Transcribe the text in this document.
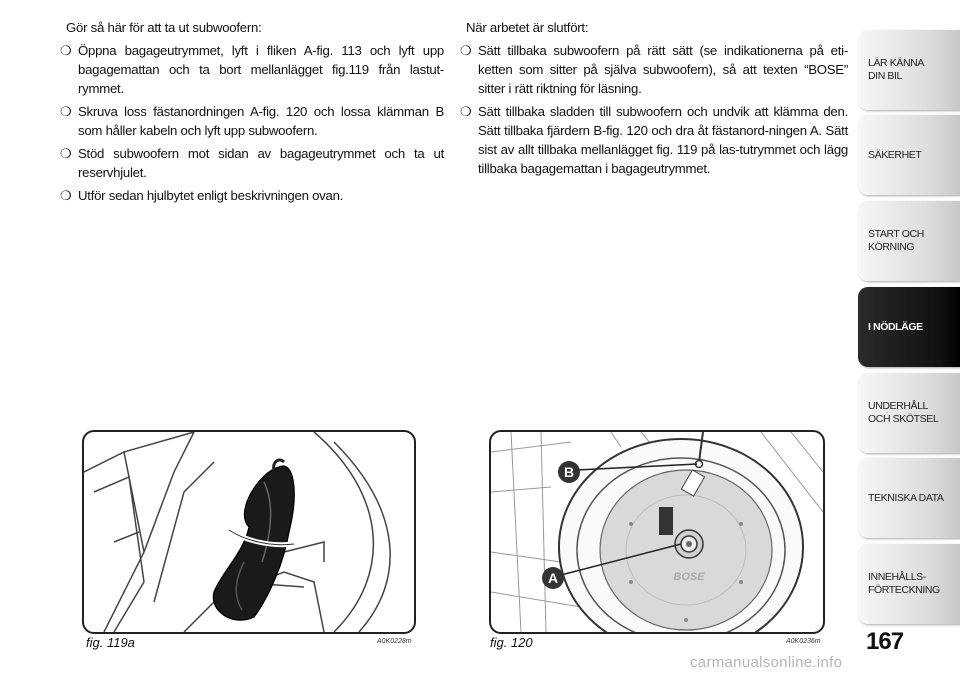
Gör så här för att ta ut subwoofern:

❍ Öppna bagageutrymmet, lyft i fliken A-fig. 113 och lyft upp bagagemattan och ta bort mellanlägget fig.119 från lastut-rymmet.
❍ Skruva loss fästanordningen A-fig. 120 och lossa klämman B som håller kabeln och lyft upp subwoofern.
❍ Stöd subwoofern mot sidan av bagageutrymmet och ta ut reservhjulet.
❍ Utför sedan hjulbytet enligt beskrivningen ovan.

När arbetet är slutfört:

❍ Sätt tillbaka subwoofern på rätt sätt (se indikationerna på eti-ketten som sitter på själva subwoofern), så att texten “BOSE” sitter i rätt riktning för läsning.
❍ Sätt tillbaka sladden till subwoofern och undvik att klämma den. Sätt tillbaka fjärdern B-fig. 120 och dra åt fästanord-ningen A. Sätt sist av allt tillbaka mellanlägget fig. 119 på las-tutrymmet och lägg tillbaka bagagemattan i bagageutrymmet.
fig. 119a	A0K0228m
BOSE
B
A
fig. 120	A0K0236m 167
LÄR KÄNNA
DIN BIL
SÄKERHET
START OCH
KÖRNING
I NÖDLÄGE
UNDERHÅLL
OCH SKÖTSEL
TEKNISKA DATA
INNEHÅLLS-
FÖRTECKNING
carmanualsonline.info
